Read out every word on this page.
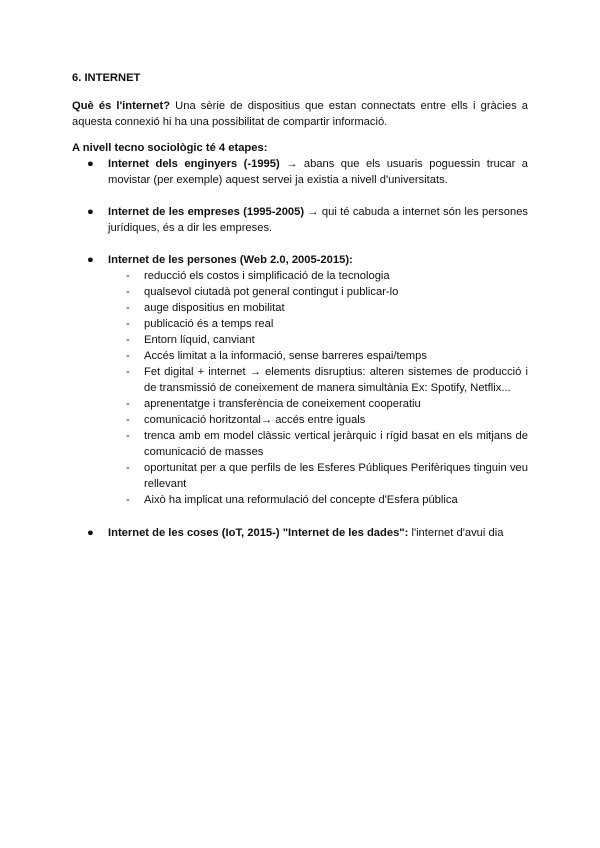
6. INTERNET

Què és l'internet? Una sèrie de dispositius que estan connectats entre ells i gràcies a aquesta connexió hi ha una possibilitat de compartir informació.

A nivell tecno sociològic té 4 etapes:

● Internet dels enginyers (-1995) → abans que els usuaris poguessin trucar a movistar (per exemple) aquest servei ja existia a nivell d'universitats.
● Internet de les empreses (1995-2005) → qui té cabuda a internet són les persones jurídiques, és a dir les empreses.
● Internet de les persones (Web 2.0, 2005-2015):
- reducció els costos i simplificació de la tecnologia
- qualsevol ciutadà pot general contingut i publicar-lo
- auge dispositius en mobilitat
- publicació és a temps real
- Entorn líquid, canviant
- Accés limitat a la informació, sense barreres espai/temps
- Fet digital + internet → elements disruptius: alteren sistemes de producció i de transmissió de coneixement de manera simultània Ex: Spotify, Netflix...
- aprenentatge i transferència de coneixement cooperatiu
- comunicació horitzontal→ accés entre iguals
- trenca amb em model clàssic vertical jeràrquic i rígid basat en els mitjans de comunicació de masses
- oportunitat per a que perfils de les Esferes Públiques Perifèriques tinguin veu rellevant
- Això ha implicat una reformulació del concepte d'Esfera pública
● Internet de les coses (IoT, 2015-) "Internet de les dades": l'internet d'avui dia
